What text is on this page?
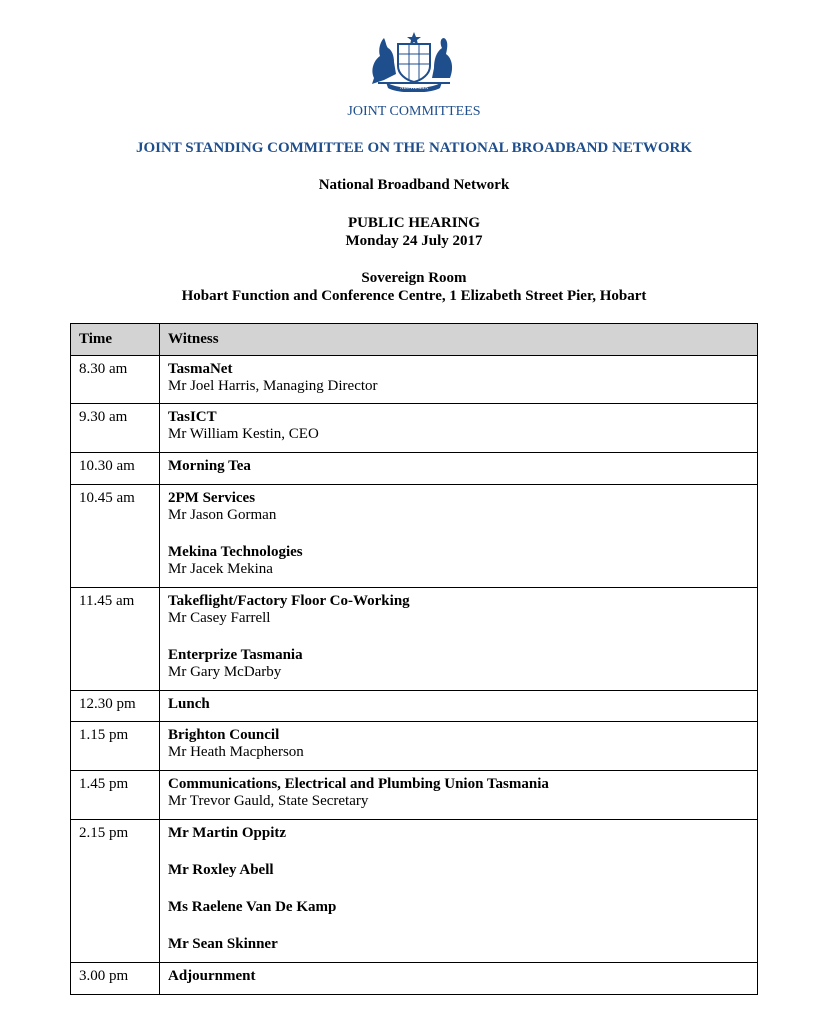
AUSTRALIA
JOINT COMMITTEES
JOINT STANDING COMMITTEE ON THE NATIONAL BROADBAND NETWORK
National Broadband Network
PUBLIC HEARING
Monday 24 July 2017
Sovereign Room
Hobart Function and Conference Centre, 1 Elizabeth Street Pier, Hobart
Time	Witness
8.30 am	TasmaNet
Mr Joel Harris, Managing Director

9.30 am	TasICT
Mr William Kestin, CEO

10.30 am	Morning Tea

10.45 am	2PM Services
Mr Jason Gorman
Mekina Technologies
Mr Jacek Mekina

11.45 am	Takeflight/Factory Floor Co-Working
Mr Casey Farrell
Enterprize Tasmania
Mr Gary McDarby

12.30 pm	Lunch

1.15 pm	Brighton Council
Mr Heath Macpherson

1.45 pm	Communications, Electrical and Plumbing Union Tasmania
Mr Trevor Gauld, State Secretary

2.15 pm	Mr Martin Oppitz
Mr Roxley Abell
Ms Raelene Van De Kamp
Mr Sean Skinner

3.00 pm	Adjournment
